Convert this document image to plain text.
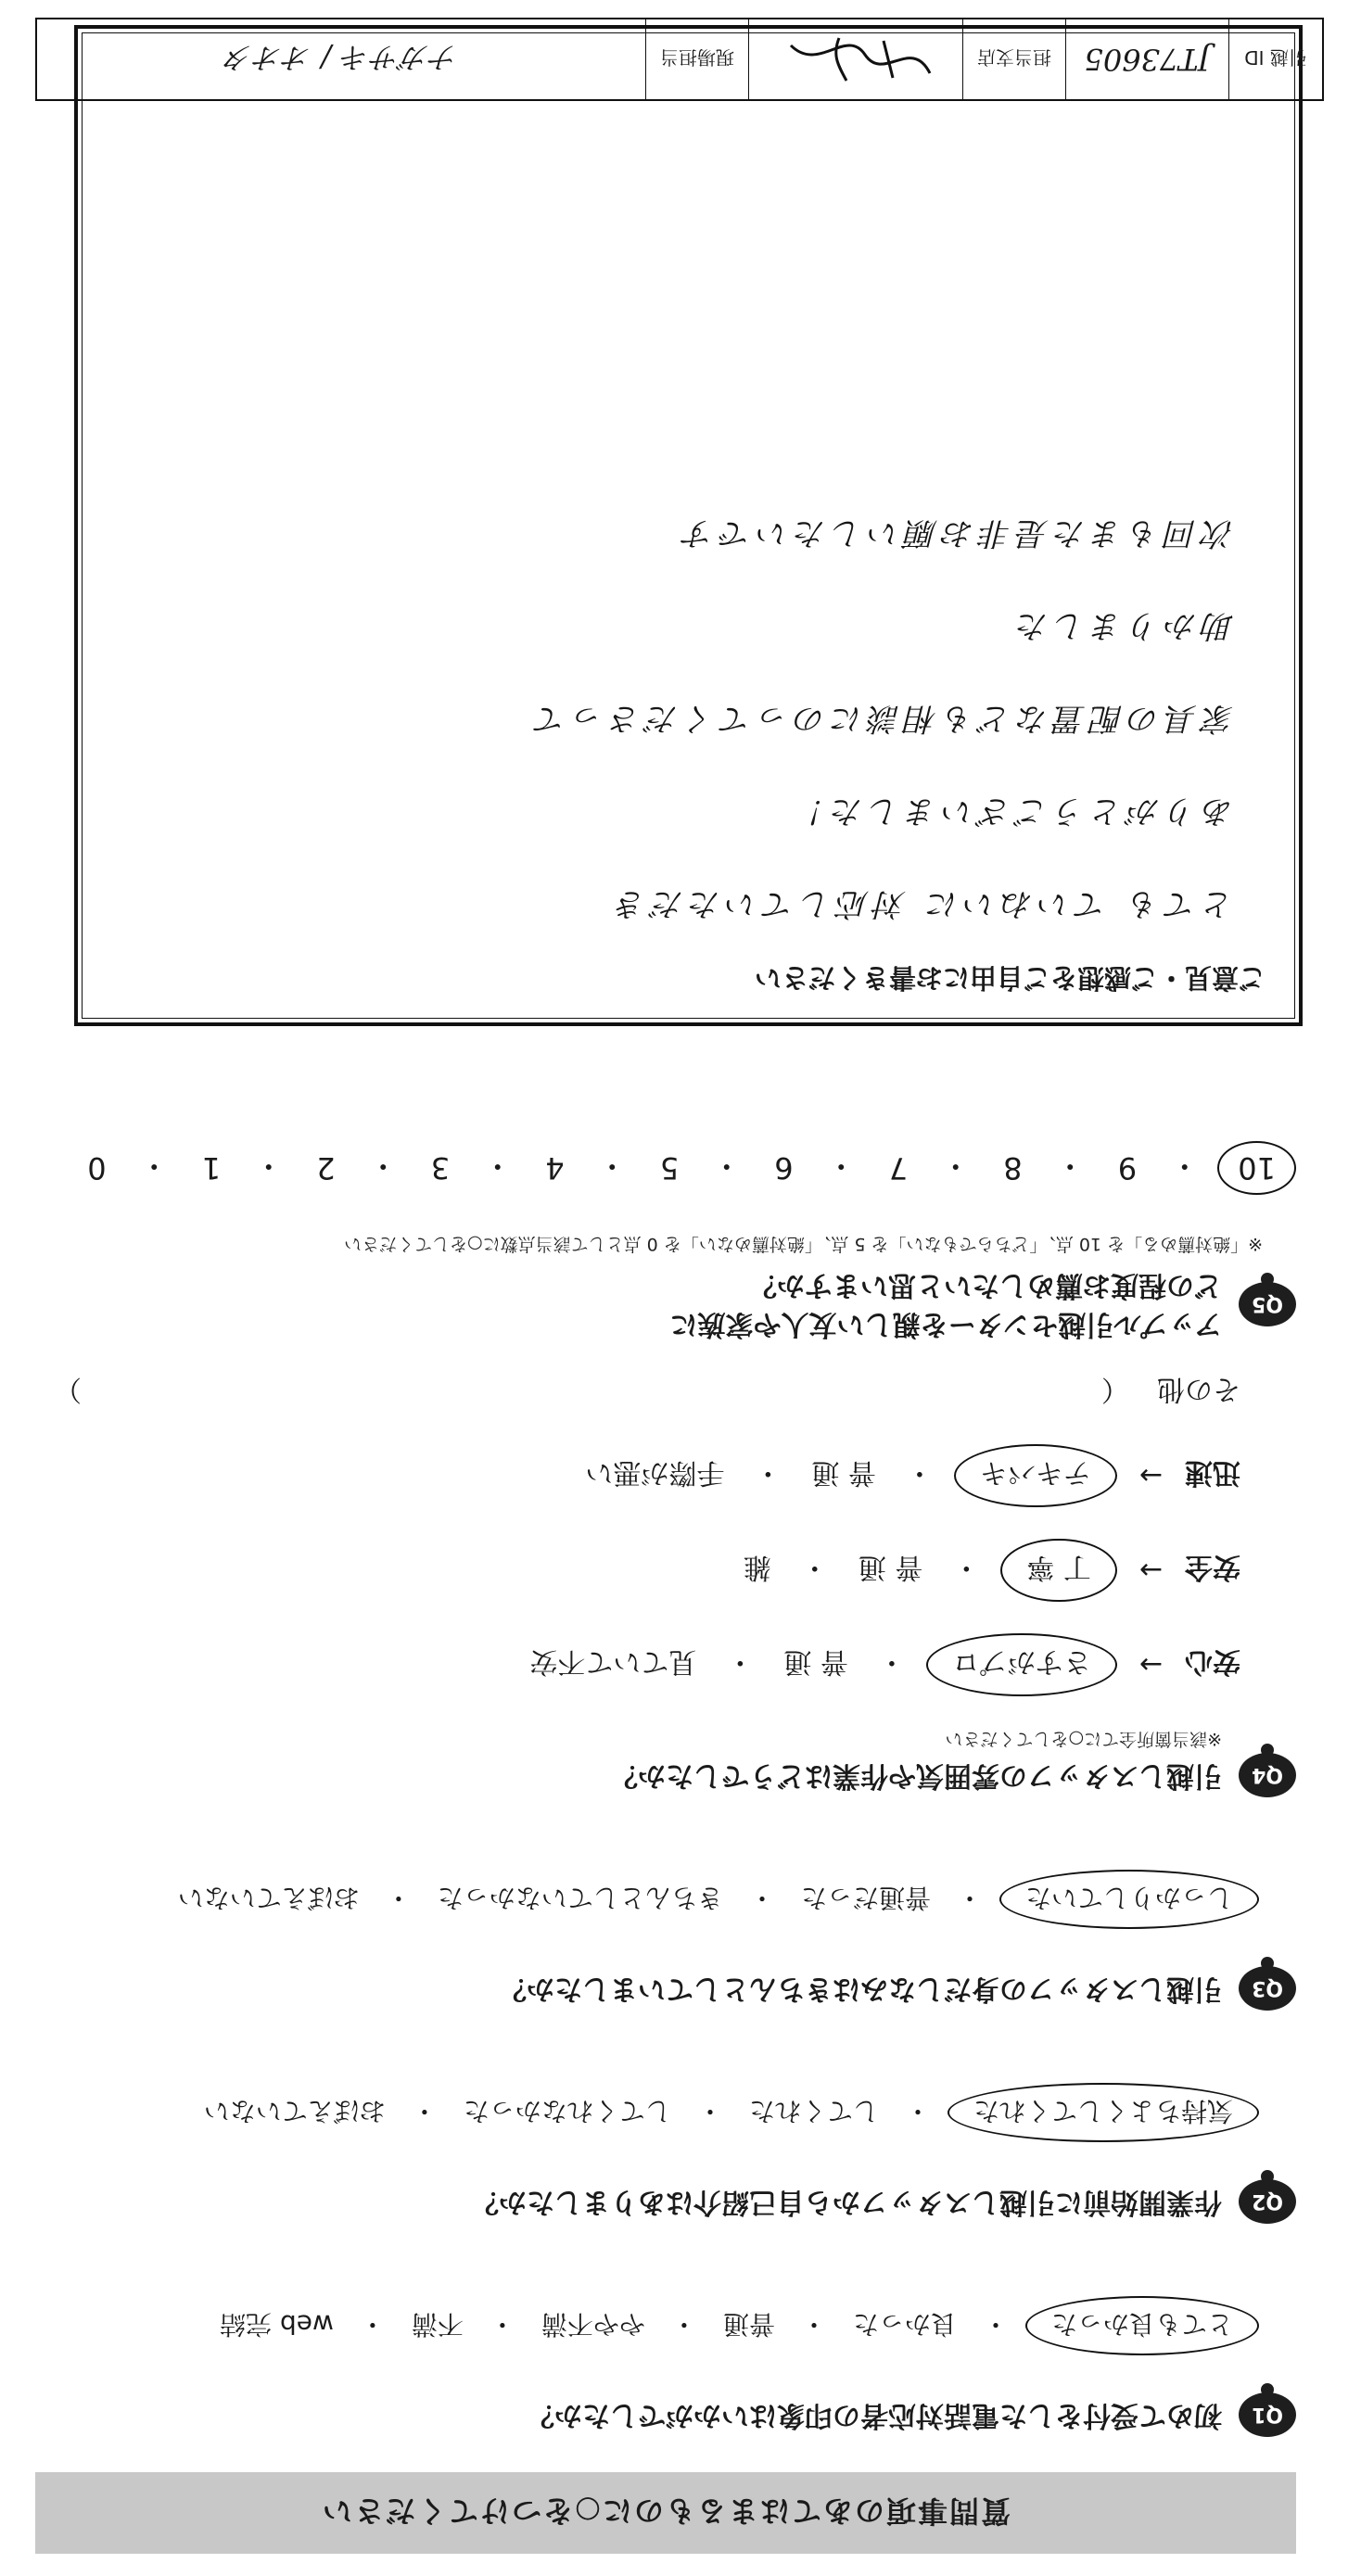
質問事項のあてはまるものに○をつけてください
Q1
初めて受付をした電話対応者の印象はいかがでしたか？
とても良かった
・
良かった
・
普通
・
やや不満
・
不満
・
web 完結
Q2
作業開始前に引越しスタッフから自己紹介はありましたか？
気持ちよくしてくれた
・
してくれた
・
してくれなかった
・
おぼえていない
Q3
引越しスタッフの身だしなみはきちんとしていましたか？
しっかりしていた
・
普通だった
・
きちんとしていなかった
・
おぼえていない
Q4
引越しスタッフの雰囲気や作業はどうでしたか？
※該当箇所全てに○をしてください
安心
→
さすがプロ
・
普 通
・
見ていて不安
安全
→
丁 寧
・
普 通
・
雑
迅速
→
テキパキ
・
普 通
・
手際が悪い
その他
（
）
Q5
アップル引越センターを親しい友人や家族に
どの程度お薦めしたいと思いますか？
※「絶対薦める」を 10 点、「どちらでもない」を 5 点、「絶対薦めない」を 0 点として該当点数に○をしてください
10
・
9
・
8
・
7
・
6
・
5
・
4
・
3
・
2
・
1
・
0
ご意見・ご感想をご自由にお書きください
とても ていねいに 対応していただき
ありがとうございました！
家具の配置なども相談にのってくださって
助かりました
次回もまた是非お願いしたいです
引越 ID
JT73605
担当支店
現場担当
ナガサキ / オオタ
